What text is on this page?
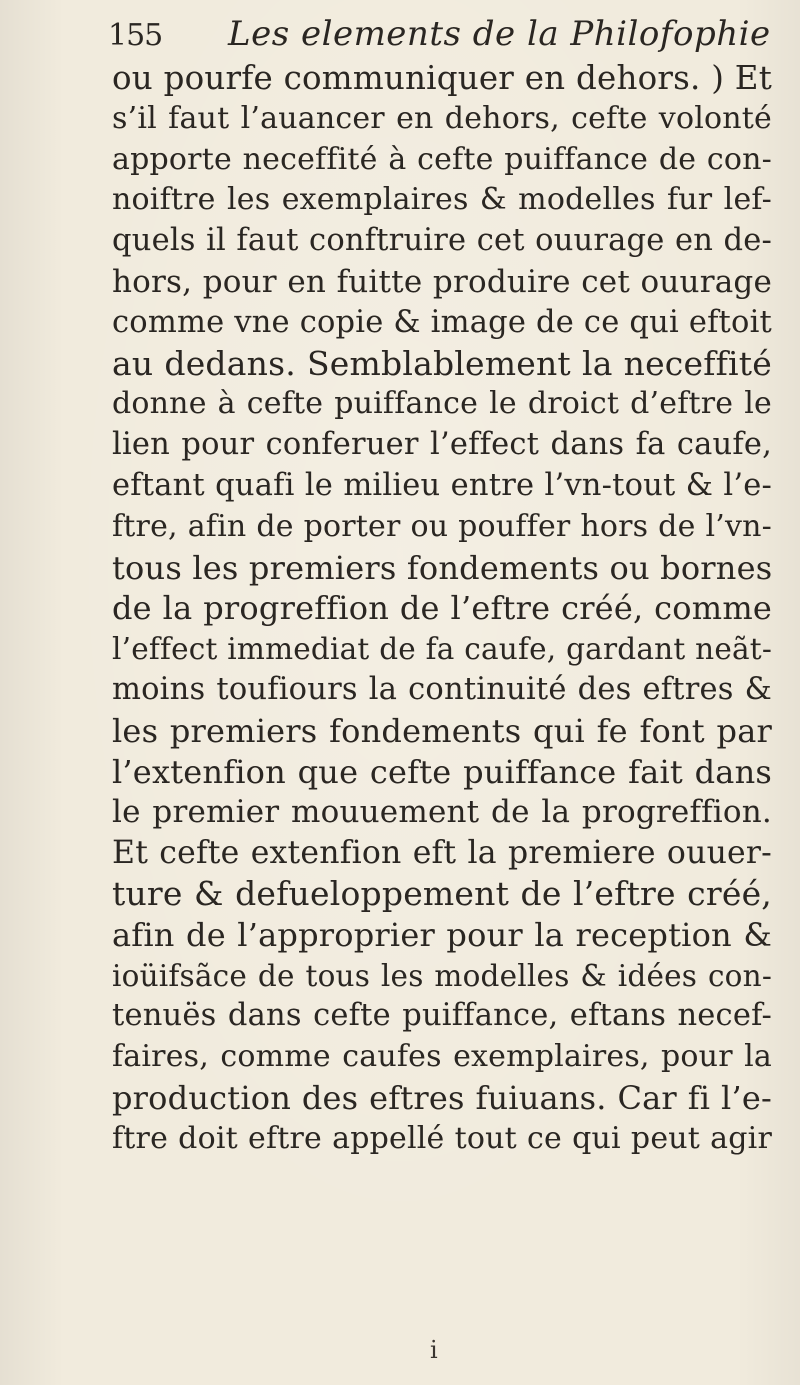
155 Les elements de la Philofophie
ou pourfe communiquer en dehors. ) Et
s’il faut l’auancer en dehors, cefte volonté
apporte neceffité à cefte puiffance de con-
noiftre les exemplaires & modelles fur lef-
quels il faut conftruire cet ouurage en de-
hors, pour en fuitte produire cet ouurage
comme vne copie & image de ce qui eftoit
au dedans. Semblablement la neceffité
donne à cefte puiffance le droict d’eftre le
lien pour conferuer l’effect dans fa caufe,
eftant quafi le milieu entre l’vn-tout & l’e-
ftre, afin de porter ou pouffer hors de l’vn-
tous les premiers fondements ou bornes
de la progreffion de l’eftre créé, comme
l’effect immediat de fa caufe, gardant neãt-
moins toufiours la continuité des eftres &
les premiers fondements qui fe font par
l’extenfion que cefte puiffance fait dans
le premier mouuement de la progreffion.
Et cefte extenfion eft la premiere ouuer-
ture & defueloppement de l’eftre créé,
afin de l’approprier pour la reception &
ioüifsãce de tous les modelles & idées con-
tenuës dans cefte puiffance, eftans necef-
faires, comme caufes exemplaires, pour la
production des eftres fuiuans. Car fi l’e-
ftre doit eftre appellé tout ce qui peut agir
i
